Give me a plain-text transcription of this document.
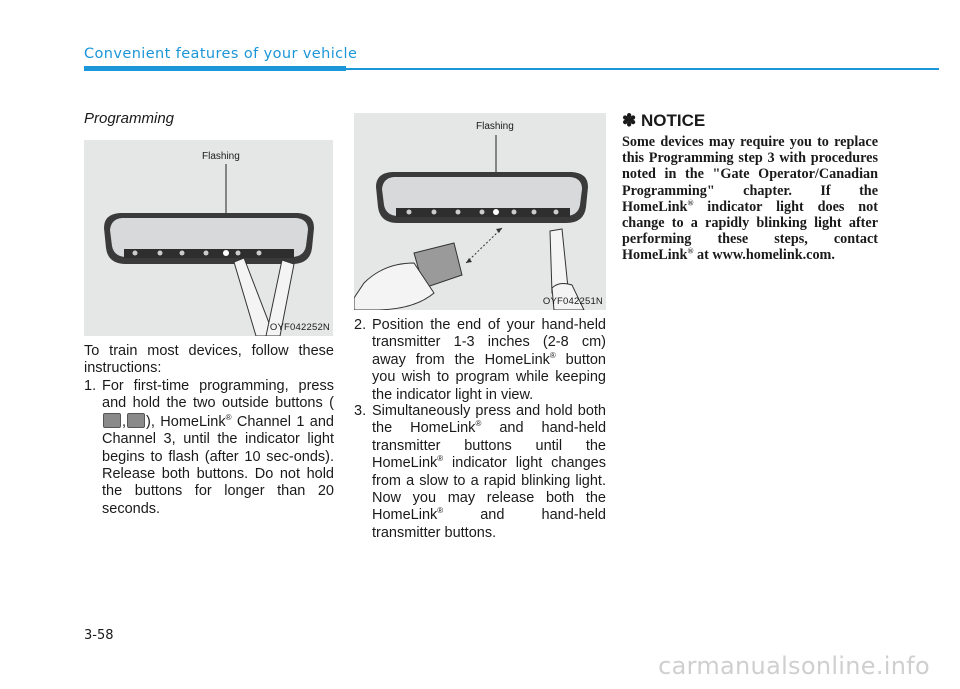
Convenient features of your vehicle
Programming
Flashing
OYF042252N
To train most devices, follow these instructions:
1. For first-time programming, press and hold the two outside buttons (, ), HomeLink® Channel 1 and Channel 3, until the indicator light begins to flash (after 10 sec-onds). Release both buttons. Do not hold the buttons for longer than 20 seconds.
Flashing
OYF042251N
2. Position the end of your hand-held transmitter 1-3 inches (2-8 cm) away from the HomeLink® button you wish to program while keeping the indicator light in view.
3. Simultaneously press and hold both the HomeLink® and hand-held transmitter buttons until the HomeLink® indicator light changes from a slow to a rapid blinking light. Now you may release both the HomeLink® and hand-held transmitter buttons.
✽ NOTICE
Some devices may require you to replace this Programming step 3 with procedures noted in the "Gate Operator/Canadian Programming" chapter. If the HomeLink® indicator light does not change to a rapidly blinking light after performing these steps, contact HomeLink® at www.homelink.com.
3-58
carmanualsonline.info
